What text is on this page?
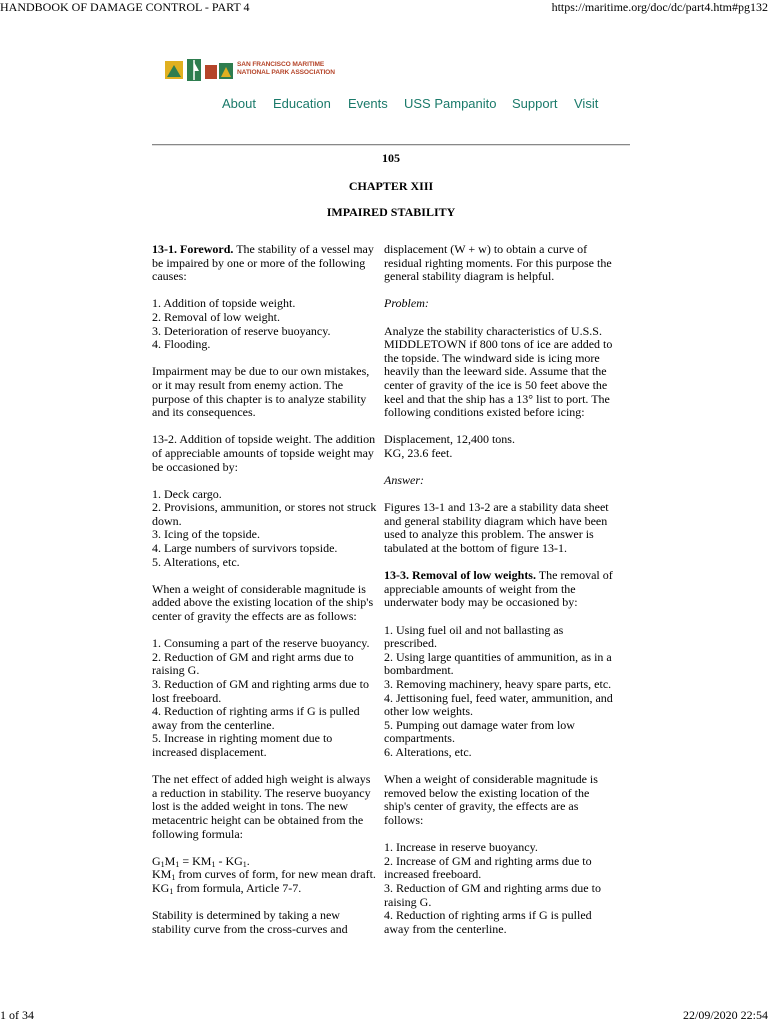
HANDBOOK OF DAMAGE CONTROL - PART 4	https://maritime.org/doc/dc/part4.htm#pg132
SAN FRANCISCO MARITIME
NATIONAL PARK ASSOCIATION
About Education Events USS Pampanito Support Visit
105
CHAPTER XIII
IMPAIRED STABILITY

13-1. Foreword. The stability of a vessel may be impaired by one or more of the following causes:

1. Addition of topside weight.
2. Removal of low weight.
3. Deterioration of reserve buoyancy.
4. Flooding.

Impairment may be due to our own mistakes, or it may result from enemy action. The purpose of this chapter is to analyze stability and its consequences.

13-2. Addition of topside weight. The addition of appreciable amounts of topside weight may be occasioned by:

1. Deck cargo.
2. Provisions, ammunition, or stores not struck down.
3. Icing of the topside.
4. Large numbers of survivors topside.
5. Alterations, etc.

When a weight of considerable magnitude is added above the existing location of the ship's center of gravity the effects are as follows:

1. Consuming a part of the reserve buoyancy.
2. Reduction of GM and right arms due to raising G.
3. Reduction of GM and righting arms due to lost freeboard.
4. Reduction of righting arms if G is pulled away from the centerline.
5. Increase in righting moment due to increased displacement.

The net effect of added high weight is always a reduction in stability. The reserve buoyancy lost is the added weight in tons. The new metacentric height can be obtained from the following formula:

$G_1M_1 = KM_1 - KG_1$.
$KM_1$ from curves of form, for new mean draft.
$KG_1$ from formula, Article 7-7.

Stability is determined by taking a new stability curve from the cross-curves and

displacement (W + w) to obtain a curve of residual righting moments. For this purpose the general stability diagram is helpful.

Problem:

Analyze the stability characteristics of U.S.S. MIDDLETOWN if 800 tons of ice are added to the topside. The windward side is icing more heavily than the leeward side. Assume that the center of gravity of the ice is 50 feet above the keel and that the ship has a 13° list to port. The following conditions existed before icing:

Displacement, 12,400 tons.
KG, 23.6 feet.

Answer:

Figures 13-1 and 13-2 are a stability data sheet and general stability diagram which have been used to analyze this problem. The answer is tabulated at the bottom of figure 13-1.

13-3. Removal of low weights. The removal of appreciable amounts of weight from the underwater body may be occasioned by:

1. Using fuel oil and not ballasting as prescribed.
2. Using large quantities of ammunition, as in a bombardment.
3. Removing machinery, heavy spare parts, etc.
4. Jettisoning fuel, feed water, ammunition, and other low weights.
5. Pumping out damage water from low compartments.
6. Alterations, etc.

When a weight of considerable magnitude is removed below the existing location of the ship's center of gravity, the effects are as follows:

1. Increase in reserve buoyancy.
2. Increase of GM and righting arms due to increased freeboard.
3. Reduction of GM and righting arms due to raising G.
4. Reduction of righting arms if G is pulled away from the centerline.

1 of 34	22/09/2020 22:54
